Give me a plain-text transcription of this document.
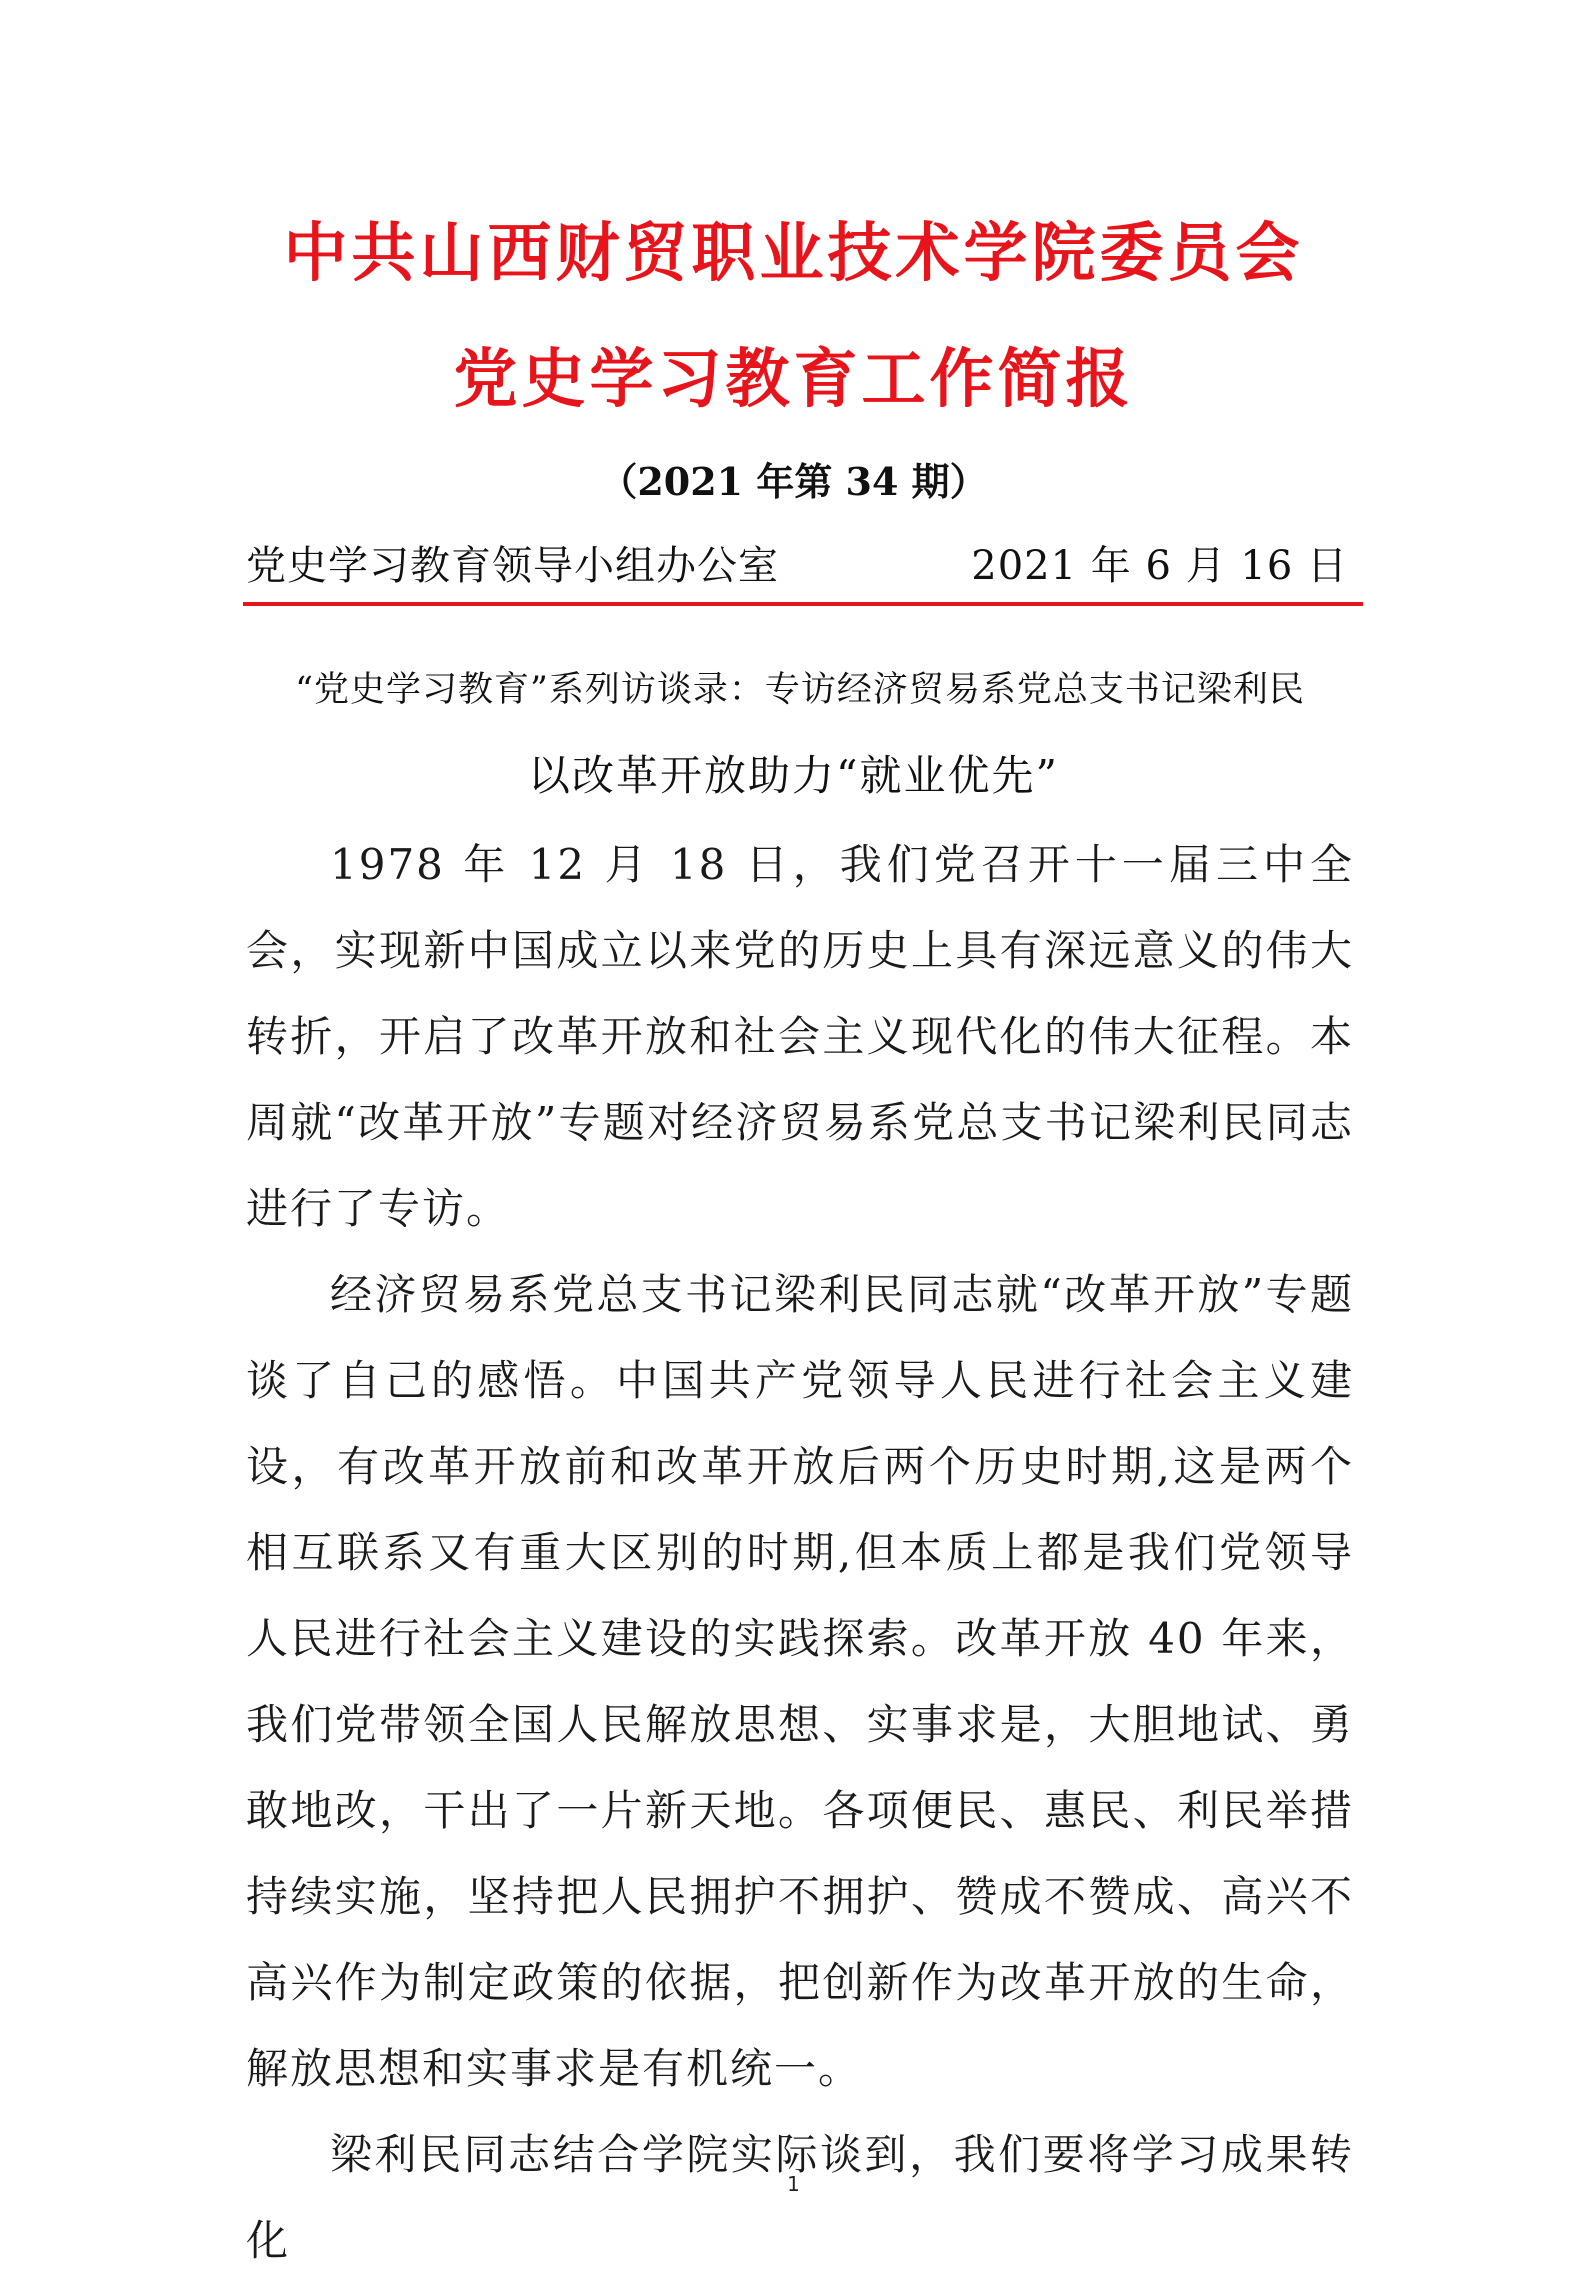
中共山西财贸职业技术学院委员会
党史学习教育工作简报
（2021 年第 34 期）
党史学习教育领导小组办公室	2021 年 6 月 16 日
“党史学习教育”系列访谈录：专访经济贸易系党总支书记梁利民
以改革开放助力“就业优先”

1978 年 12 月 18 日，我们党召开十一届三中全会，实现新中国成立以来党的历史上具有深远意义的伟大转折，开启了改革开放和社会主义现代化的伟大征程。本周就“改革开放”专题对经济贸易系党总支书记梁利民同志进行了专访。

经济贸易系党总支书记梁利民同志就“改革开放”专题谈了自己的感悟。中国共产党领导人民进行社会主义建设，有改革开放前和改革开放后两个历史时期,这是两个相互联系又有重大区别的时期,但本质上都是我们党领导人民进行社会主义建设的实践探索。改革开放 40 年来，我们党带领全国人民解放思想、实事求是，大胆地试、勇敢地改，干出了一片新天地。各项便民、惠民、利民举措持续实施，坚持把人民拥护不拥护、赞成不赞成、高兴不高兴作为制定政策的依据，把创新作为改革开放的生命，解放思想和实事求是有机统一。

梁利民同志结合学院实际谈到，我们要将学习成果转化

1
